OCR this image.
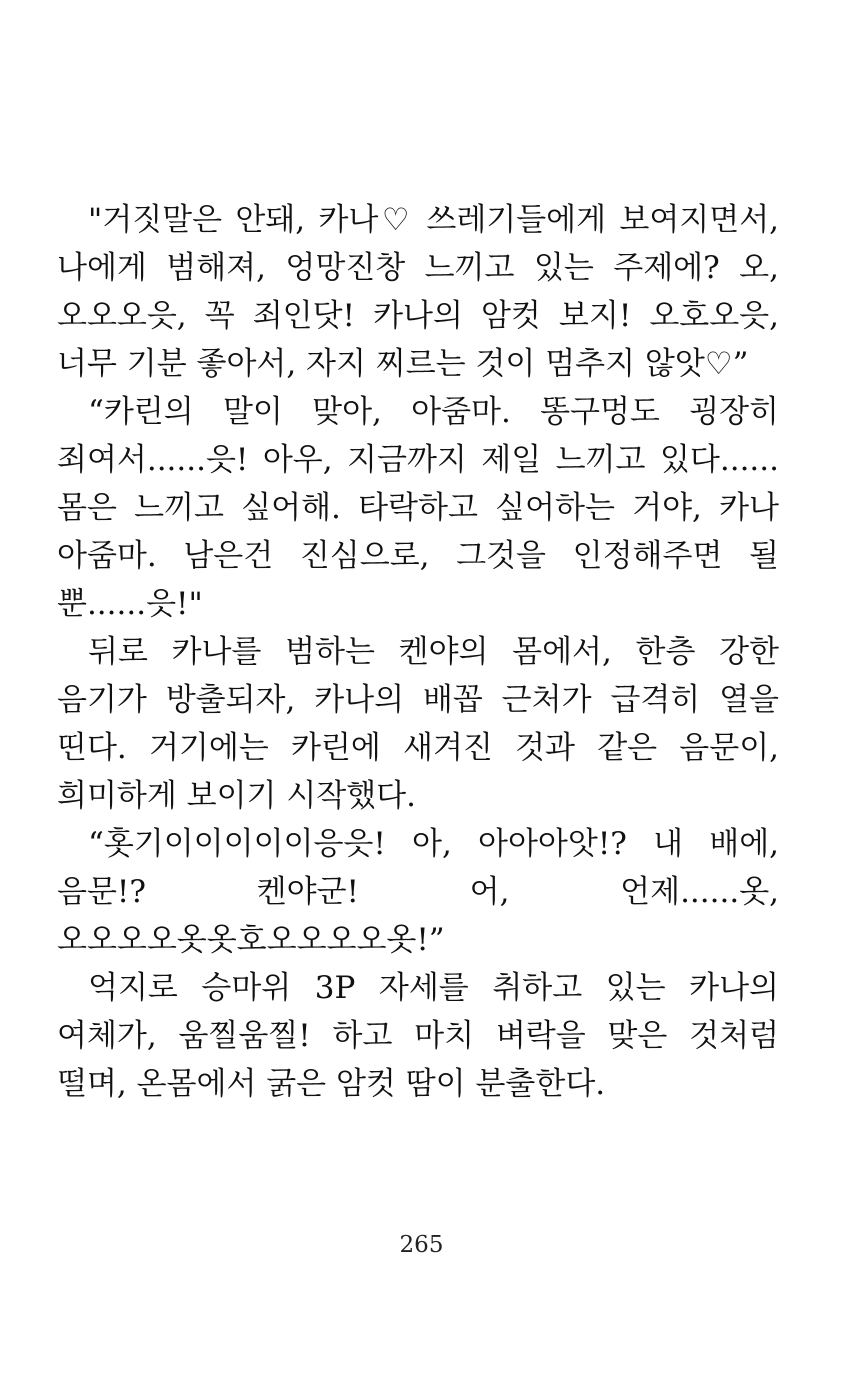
"거짓말은 안돼, 카나♡ 쓰레기들에게 보여지면서, 나에게 범해져, 엉망진창 느끼고 있는 주제에? 오, 오오오읏, 꼭 죄인닷! 카나의 암컷 보지! 오호오읏, 너무 기분 좋아서, 자지 찌르는 것이 멈추지 않앗♡”

“카린의 말이 맞아, 아줌마. 똥구멍도 굉장히 죄여서......읏! 아우, 지금까지 제일 느끼고 있다...... 몸은 느끼고 싶어해. 타락하고 싶어하는 거야, 카나 아줌마. 남은건 진심으로, 그것을 인정해주면 될 뿐......읏!"

뒤로 카나를 범하는 켄야의 몸에서, 한층 강한 음기가 방출되자, 카나의 배꼽 근처가 급격히 열을 띤다. 거기에는 카린에 새겨진 것과 같은 음문이, 희미하게 보이기 시작했다.

“홋기이이이이이응읏! 아, 아아아앗!? 내 배에, 음문!? 켄야군! 어, 언제......옷, 오오오오옷옷호오오오오옷!”

억지로 승마위 3P 자세를 취하고 있는 카나의 여체가, 움찔움찔! 하고 마치 벼락을 맞은 것처럼 떨며, 온몸에서 굵은 암컷 땀이 분출한다.

265
